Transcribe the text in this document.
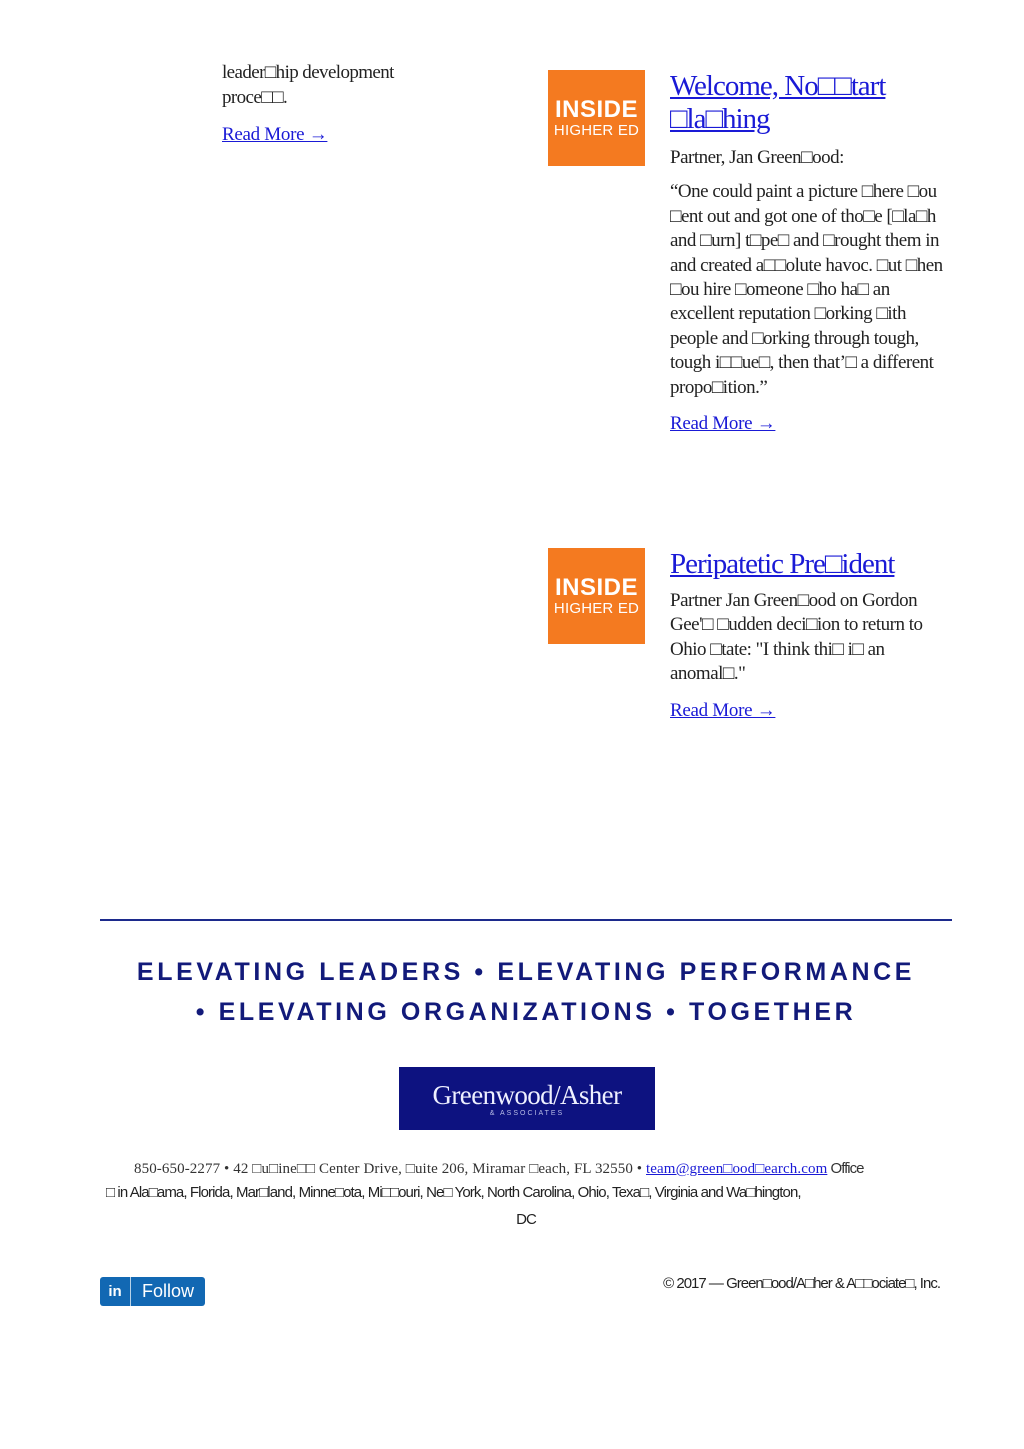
leader□hip development
proce□□.
Read More →
INSIDE
HIGHER ED
Welcome, No□□tart □la□hing

Partner, Jan Green□ood:

“One could paint a picture □here □ou □ent out and got one of tho□e [□la□h and □urn] t□pe□ and □rought them in and created a□□olute havoc. □ut □hen □ou hire □omeone □ho ha□ an excellent reputation □orking □ith people and □orking through tough, tough i□□ue□, then that’□ a different propo□ition.”

Read More →
INSIDE
HIGHER ED
Peripatetic Pre□ident

Partner Jan Green□ood on Gordon Gee'□ □udden deci□ion to return to Ohio □tate: "I think thi□ i□ an anomal□."

Read More →
ELEVATING LEADERS • ELEVATING PERFORMANCE
• ELEVATING ORGANIZATIONS • TOGETHER
Greenwood/Asher
& ASSOCIATES
850-650-2277 • 42 □u□ine□□ Center Drive, □uite 206, Miramar □each, FL 32550 • team@green□ood□earch.com Office
□ in Ala□ama, Florida, Mar□land, Minne□ota, Mi□□ouri, Ne□ York, North Carolina, Ohio, Texa□, Virginia and Wa□hington,
DC
in	Follow	© 2017 — Green□ood/A□her & A□□ociate□, Inc.
